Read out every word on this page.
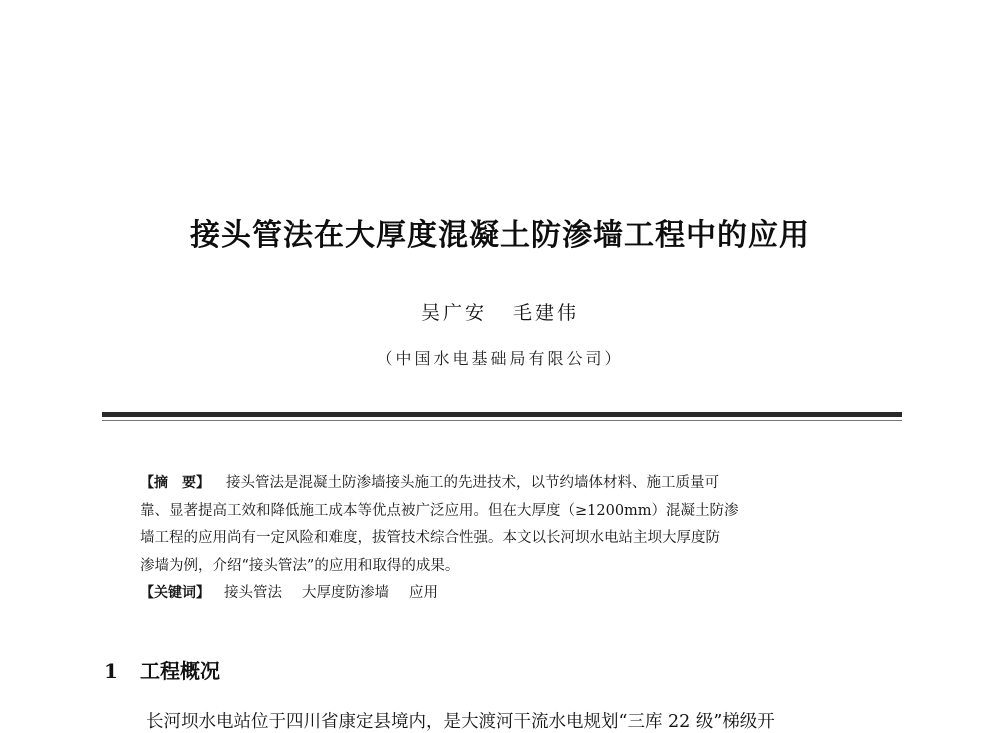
接头管法在大厚度混凝土防渗墙工程中的应用
吴广安 毛建伟
（中国水电基础局有限公司）
【摘　要】 接头管法是混凝土防渗墙接头施工的先进技术，以节约墙体材料、施工质量可
靠、显著提高工效和降低施工成本等优点被广泛应用。但在大厚度（≥1200mm）混凝土防渗
墙工程的应用尚有一定风险和难度，拔管技术综合性强。本文以长河坝水电站主坝大厚度防
渗墙为例，介绍“接头管法”的应用和取得的成果。
【关键词】 接头管法 大厚度防渗墙 应用
1 工程概况
长河坝水电站位于四川省康定县境内，是大渡河干流水电规划“三库 22 级”梯级开
